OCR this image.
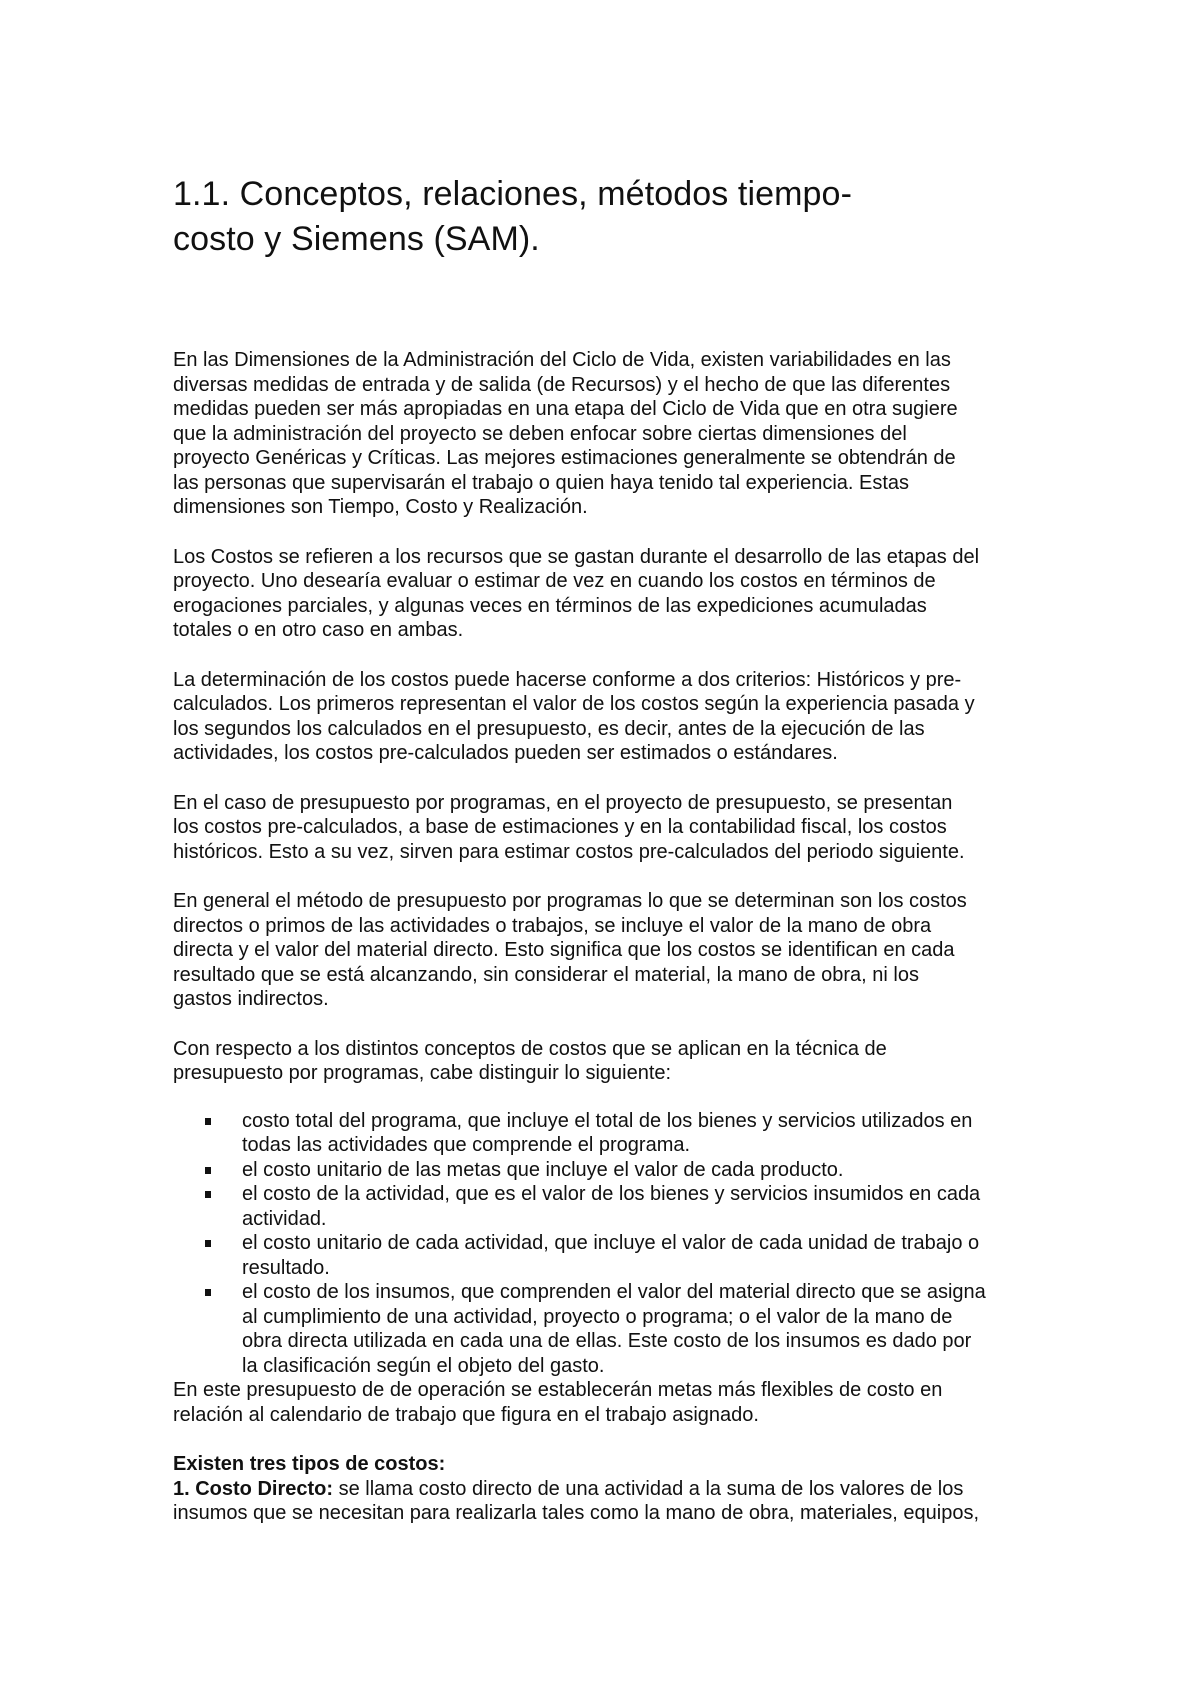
1.1. Conceptos, relaciones, métodos tiempo-
costo y Siemens (SAM).

En las Dimensiones de la Administración del Ciclo de Vida, existen variabilidades en las
diversas medidas de entrada y de salida (de Recursos) y el hecho de que las diferentes
medidas pueden ser más apropiadas en una etapa del Ciclo de Vida que en otra sugiere
que la administración del proyecto se deben enfocar sobre ciertas dimensiones del
proyecto Genéricas y Críticas. Las mejores estimaciones generalmente se obtendrán de
las personas que supervisarán el trabajo o quien haya tenido tal experiencia. Estas
dimensiones son Tiempo, Costo y Realización.

Los Costos se refieren a los recursos que se gastan durante el desarrollo de las etapas del
proyecto. Uno desearía evaluar o estimar de vez en cuando los costos en términos de
erogaciones parciales, y algunas veces en términos de las expediciones acumuladas
totales o en otro caso en ambas.

La determinación de los costos puede hacerse conforme a dos criterios: Históricos y pre-
calculados. Los primeros representan el valor de los costos según la experiencia pasada y
los segundos los calculados en el presupuesto, es decir, antes de la ejecución de las
actividades, los costos pre-calculados pueden ser estimados o estándares.

En el caso de presupuesto por programas, en el proyecto de presupuesto, se presentan
los costos pre-calculados, a base de estimaciones y en la contabilidad fiscal, los costos
históricos. Esto a su vez, sirven para estimar costos pre-calculados del periodo siguiente.

En general el método de presupuesto por programas lo que se determinan son los costos
directos o primos de las actividades o trabajos, se incluye el valor de la mano de obra
directa y el valor del material directo. Esto significa que los costos se identifican en cada
resultado que se está alcanzando, sin considerar el material, la mano de obra, ni los
gastos indirectos.

Con respecto a los distintos conceptos de costos que se aplican en la técnica de
presupuesto por programas, cabe distinguir lo siguiente:

costo total del programa, que incluye el total de los bienes y servicios utilizados en
todas las actividades que comprende el programa.
el costo unitario de las metas que incluye el valor de cada producto.
el costo de la actividad, que es el valor de los bienes y servicios insumidos en cada
actividad.
el costo unitario de cada actividad, que incluye el valor de cada unidad de trabajo o
resultado.
el costo de los insumos, que comprenden el valor del material directo que se asigna
al cumplimiento de una actividad, proyecto o programa; o el valor de la mano de
obra directa utilizada en cada una de ellas. Este costo de los insumos es dado por
la clasificación según el objeto del gasto.

En este presupuesto de de operación se establecerán metas más flexibles de costo en
relación al calendario de trabajo que figura en el trabajo asignado.

Existen tres tipos de costos:
1. Costo Directo: se llama costo directo de una actividad a la suma de los valores de los
insumos que se necesitan para realizarla tales como la mano de obra, materiales, equipos,
